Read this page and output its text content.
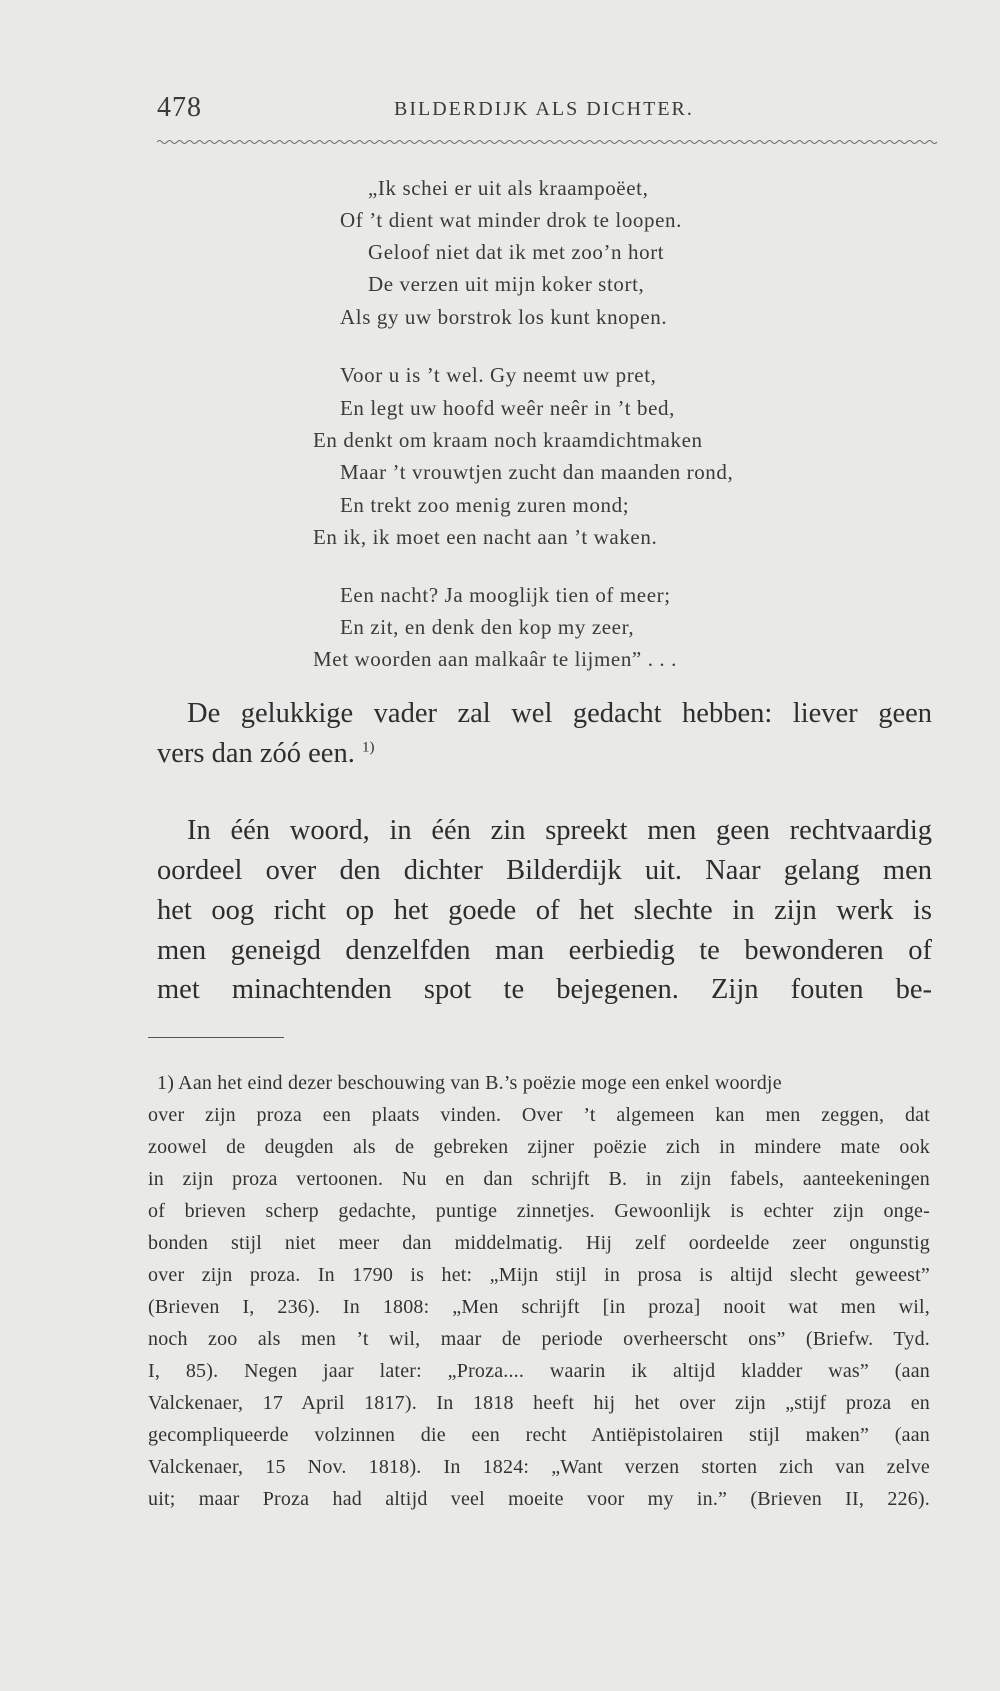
478	BILDERDIJK ALS DICHTER.
„Ik schei er uit als kraampoëet,
Of ’t dient wat minder drok te loopen.
Geloof niet dat ik met zoo’n hort
De verzen uit mijn koker stort,
Als gy uw borstrok los kunt knopen.
Voor u is ’t wel. Gy neemt uw pret,
En legt uw hoofd weêr neêr in ’t bed,
En denkt om kraam noch kraamdichtmaken
Maar ’t vrouwtjen zucht dan maanden rond,
En trekt zoo menig zuren mond;
En ik, ik moet een nacht aan ’t waken.
Een nacht? Ja mooglijk tien of meer;
En zit, en denk den kop my zeer,
Met woorden aan malkaâr te lijmen” . . .
De gelukkige vader zal wel gedacht hebben: liever geen
vers dan zóó een. $^{1)}$
In één woord, in één zin spreekt men geen rechtvaardig
oordeel over den dichter Bilderdijk uit. Naar gelang men
het oog richt op het goede of het slechte in zijn werk is
men geneigd denzelfden man eerbiedig te bewonderen of
met minachtenden spot te bejegenen. Zijn fouten be-
1) Aan het eind dezer beschouwing van B.’s poëzie moge een enkel woordje
over zijn proza een plaats vinden. Over ’t algemeen kan men zeggen, dat
zoowel de deugden als de gebreken zijner poëzie zich in mindere mate ook
in zijn proza vertoonen. Nu en dan schrijft B. in zijn fabels, aanteekeningen
of brieven scherp gedachte, puntige zinnetjes. Gewoonlijk is echter zijn onge-
bonden stijl niet meer dan middelmatig. Hij zelf oordeelde zeer ongunstig
over zijn proza. In 1790 is het: „Mijn stijl in prosa is altijd slecht geweest”
(Brieven I, 236). In 1808: „Men schrijft [in proza] nooit wat men wil,
noch zoo als men ’t wil, maar de periode overheerscht ons” (Briefw. Tyd.
I, 85). Negen jaar later: „Proza.... waarin ik altijd kladder was” (aan
Valckenaer, 17 April 1817). In 1818 heeft hij het over zijn „stijf proza en
gecompliqueerde volzinnen die een recht Antiëpistolairen stijl maken” (aan
Valckenaer, 15 Nov. 1818). In 1824: „Want verzen storten zich van zelve
uit; maar Proza had altijd veel moeite voor my in.” (Brieven II, 226).
